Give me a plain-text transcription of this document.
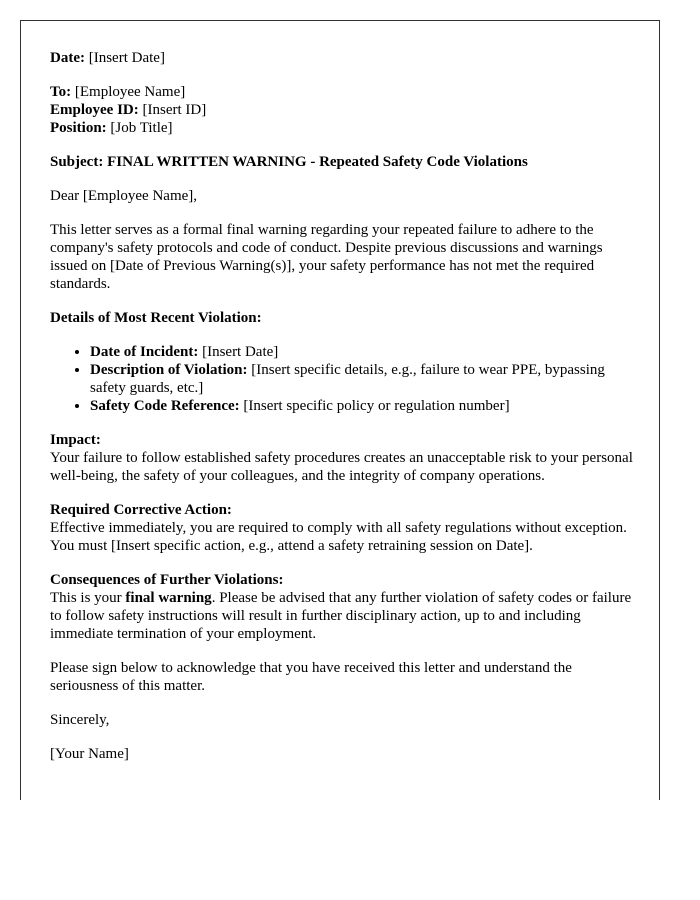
Date: [Insert Date]

To: [Employee Name]
Employee ID: [Insert ID]
Position: [Job Title]

Subject: FINAL WRITTEN WARNING - Repeated Safety Code Violations

Dear [Employee Name],

This letter serves as a formal final warning regarding your repeated failure to adhere to the company's safety protocols and code of conduct. Despite previous discussions and warnings issued on [Date of Previous Warning(s)], your safety performance has not met the required standards.

Details of Most Recent Violation:

• Date of Incident: [Insert Date]
• Description of Violation: [Insert specific details, e.g., failure to wear PPE, bypassing safety guards, etc.]
• Safety Code Reference: [Insert specific policy or regulation number]

Impact:
Your failure to follow established safety procedures creates an unacceptable risk to your personal well-being, the safety of your colleagues, and the integrity of company operations.

Required Corrective Action:
Effective immediately, you are required to comply with all safety regulations without exception. You must [Insert specific action, e.g., attend a safety retraining session on Date].

Consequences of Further Violations:
This is your final warning. Please be advised that any further violation of safety codes or failure to follow safety instructions will result in further disciplinary action, up to and including immediate termination of your employment.

Please sign below to acknowledge that you have received this letter and understand the seriousness of this matter.

Sincerely,

[Your Name]
